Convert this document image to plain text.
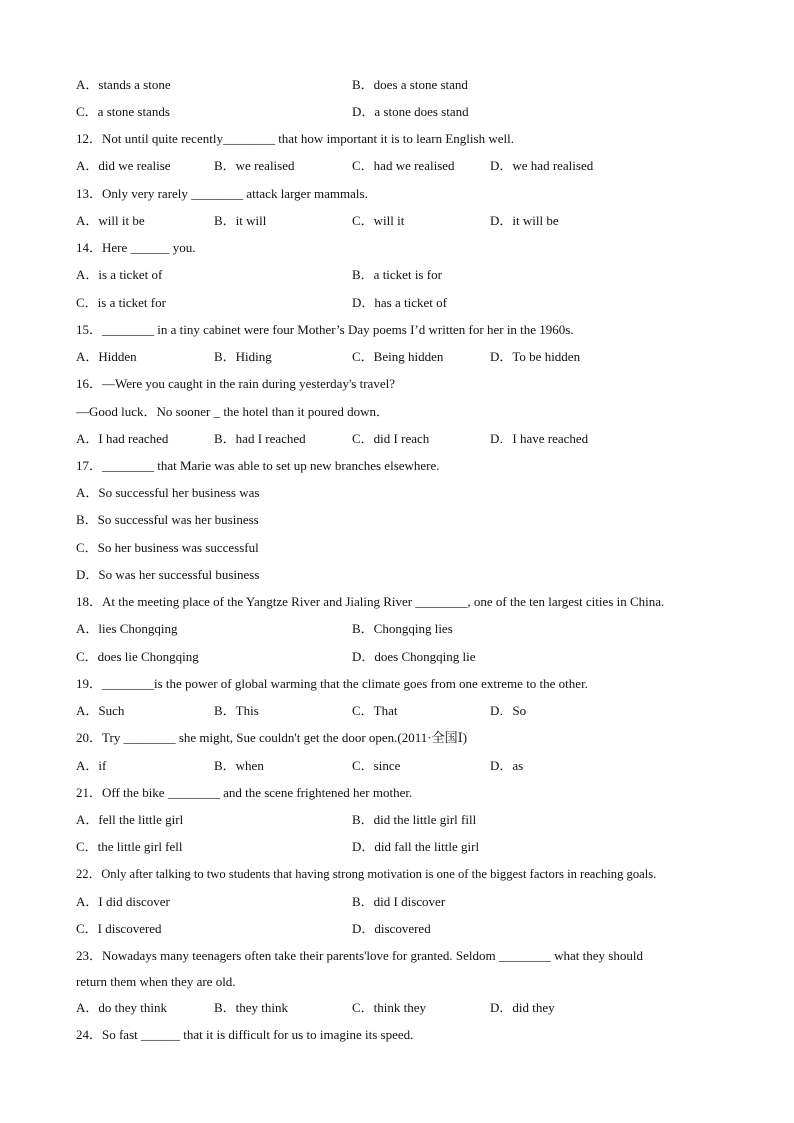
A．stands a stone	B．does a stone stand
C．a stone stands	D．a stone does stand
12．Not until quite recently________ that how important it is to learn English well.
A．did we realise	B．we realised	C．had we realised	D．we had realised
13．Only very rarely ________ attack larger mammals.
A．will it be	B．it will	C．will it	D．it will be
14．Here ______ you.
A．is a ticket of	B．a ticket is for
C．is a ticket for	D．has a ticket of
15．________ in a tiny cabinet were four Mother’s Day poems I’d written for her in the 1960s.
A．Hidden	B．Hiding	C．Being hidden	D．To be hidden
16．—Were you caught in the rain during yesterday's travel?
—Good luck．No sooner _ the hotel than it poured down．
A．I had reached	B．had I reached	C．did I reach	D．I have reached
17．________ that Marie was able to set up new branches elsewhere.
A．So successful her business was
B．So successful was her business
C．So her business was successful
D．So was her successful business
18．At the meeting place of the Yangtze River and Jialing River ________, one of the ten largest cities in China.
A．lies Chongqing	B．Chongqing lies
C．does lie Chongqing	D．does Chongqing lie
19．________is the power of global warming that the climate goes from one extreme to the other.
A．Such	B．This	C．That	D．So
20．Try ________ she might, Sue couldn't get the door open.(2011·全国Ⅰ)
A．if	B．when	C．since	D．as
21．Off the bike ________ and the scene frightened her mother.
A．fell the little girl	B．did the little girl fill
C．the little girl fell	D．did fall the little girl
22．Only after talking to two students that having strong motivation is one of the biggest factors in reaching goals.
A．I did discover	B．did I discover
C．I discovered	D．discovered
23．Nowadays many teenagers often take their parents'love for granted. Seldom ________ what they should
return them when they are old.
A．do they think	B．they think	C．think they	D．did they
24．So fast ______ that it is difficult for us to imagine its speed.
